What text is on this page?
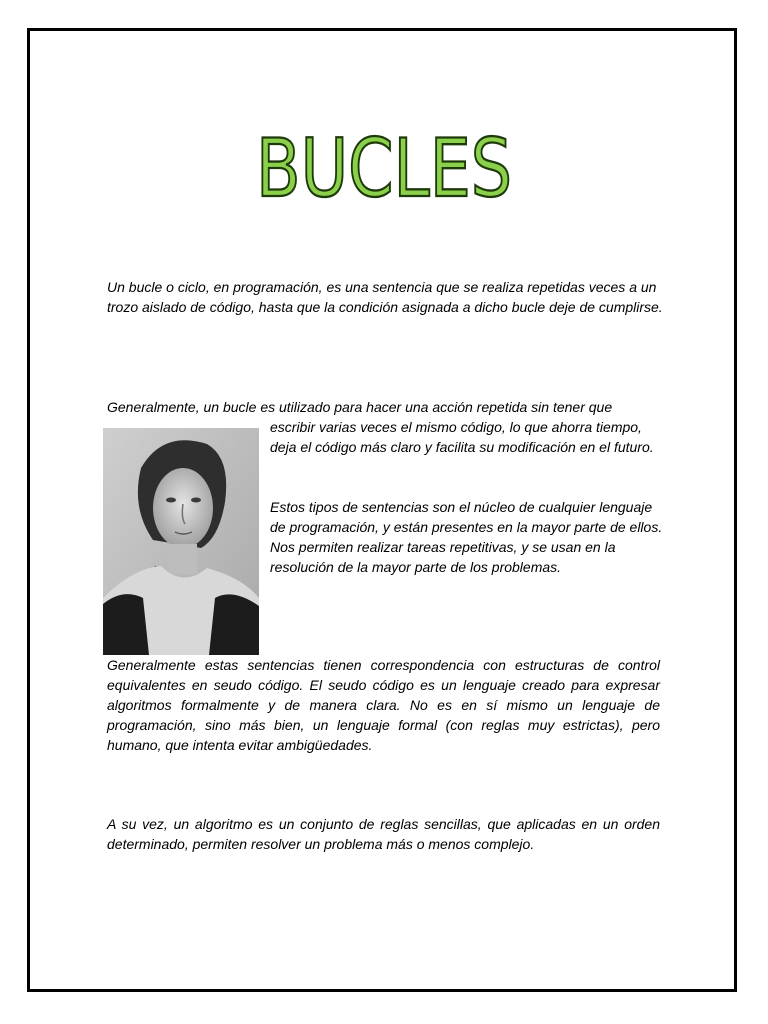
BUCLES

Un bucle o ciclo, en programación, es una sentencia que se realiza repetidas veces a un trozo aislado de código, hasta que la condición asignada a dicho bucle deje de cumplirse.

Generalmente, un bucle es utilizado para hacer una acción repetida sin tener que

escribir varias veces el mismo código, lo que ahorra tiempo, deja el código más claro y facilita su modificación en el futuro.

Estos tipos de sentencias son el núcleo de cualquier lenguaje de programación, y están presentes en la mayor parte de ellos. Nos permiten realizar tareas repetitivas, y se usan en la resolución de la mayor parte de los problemas.

Generalmente estas sentencias tienen correspondencia con estructuras de control equivalentes en seudo código. El seudo código es un lenguaje creado para expresar algoritmos formalmente y de manera clara. No es en sí mismo un lenguaje de programación, sino más bien, un lenguaje formal (con reglas muy estrictas), pero humano, que intenta evitar ambigüedades.

A su vez, un algoritmo es un conjunto de reglas sencillas, que aplicadas en un orden determinado, permiten resolver un problema más o menos complejo.
